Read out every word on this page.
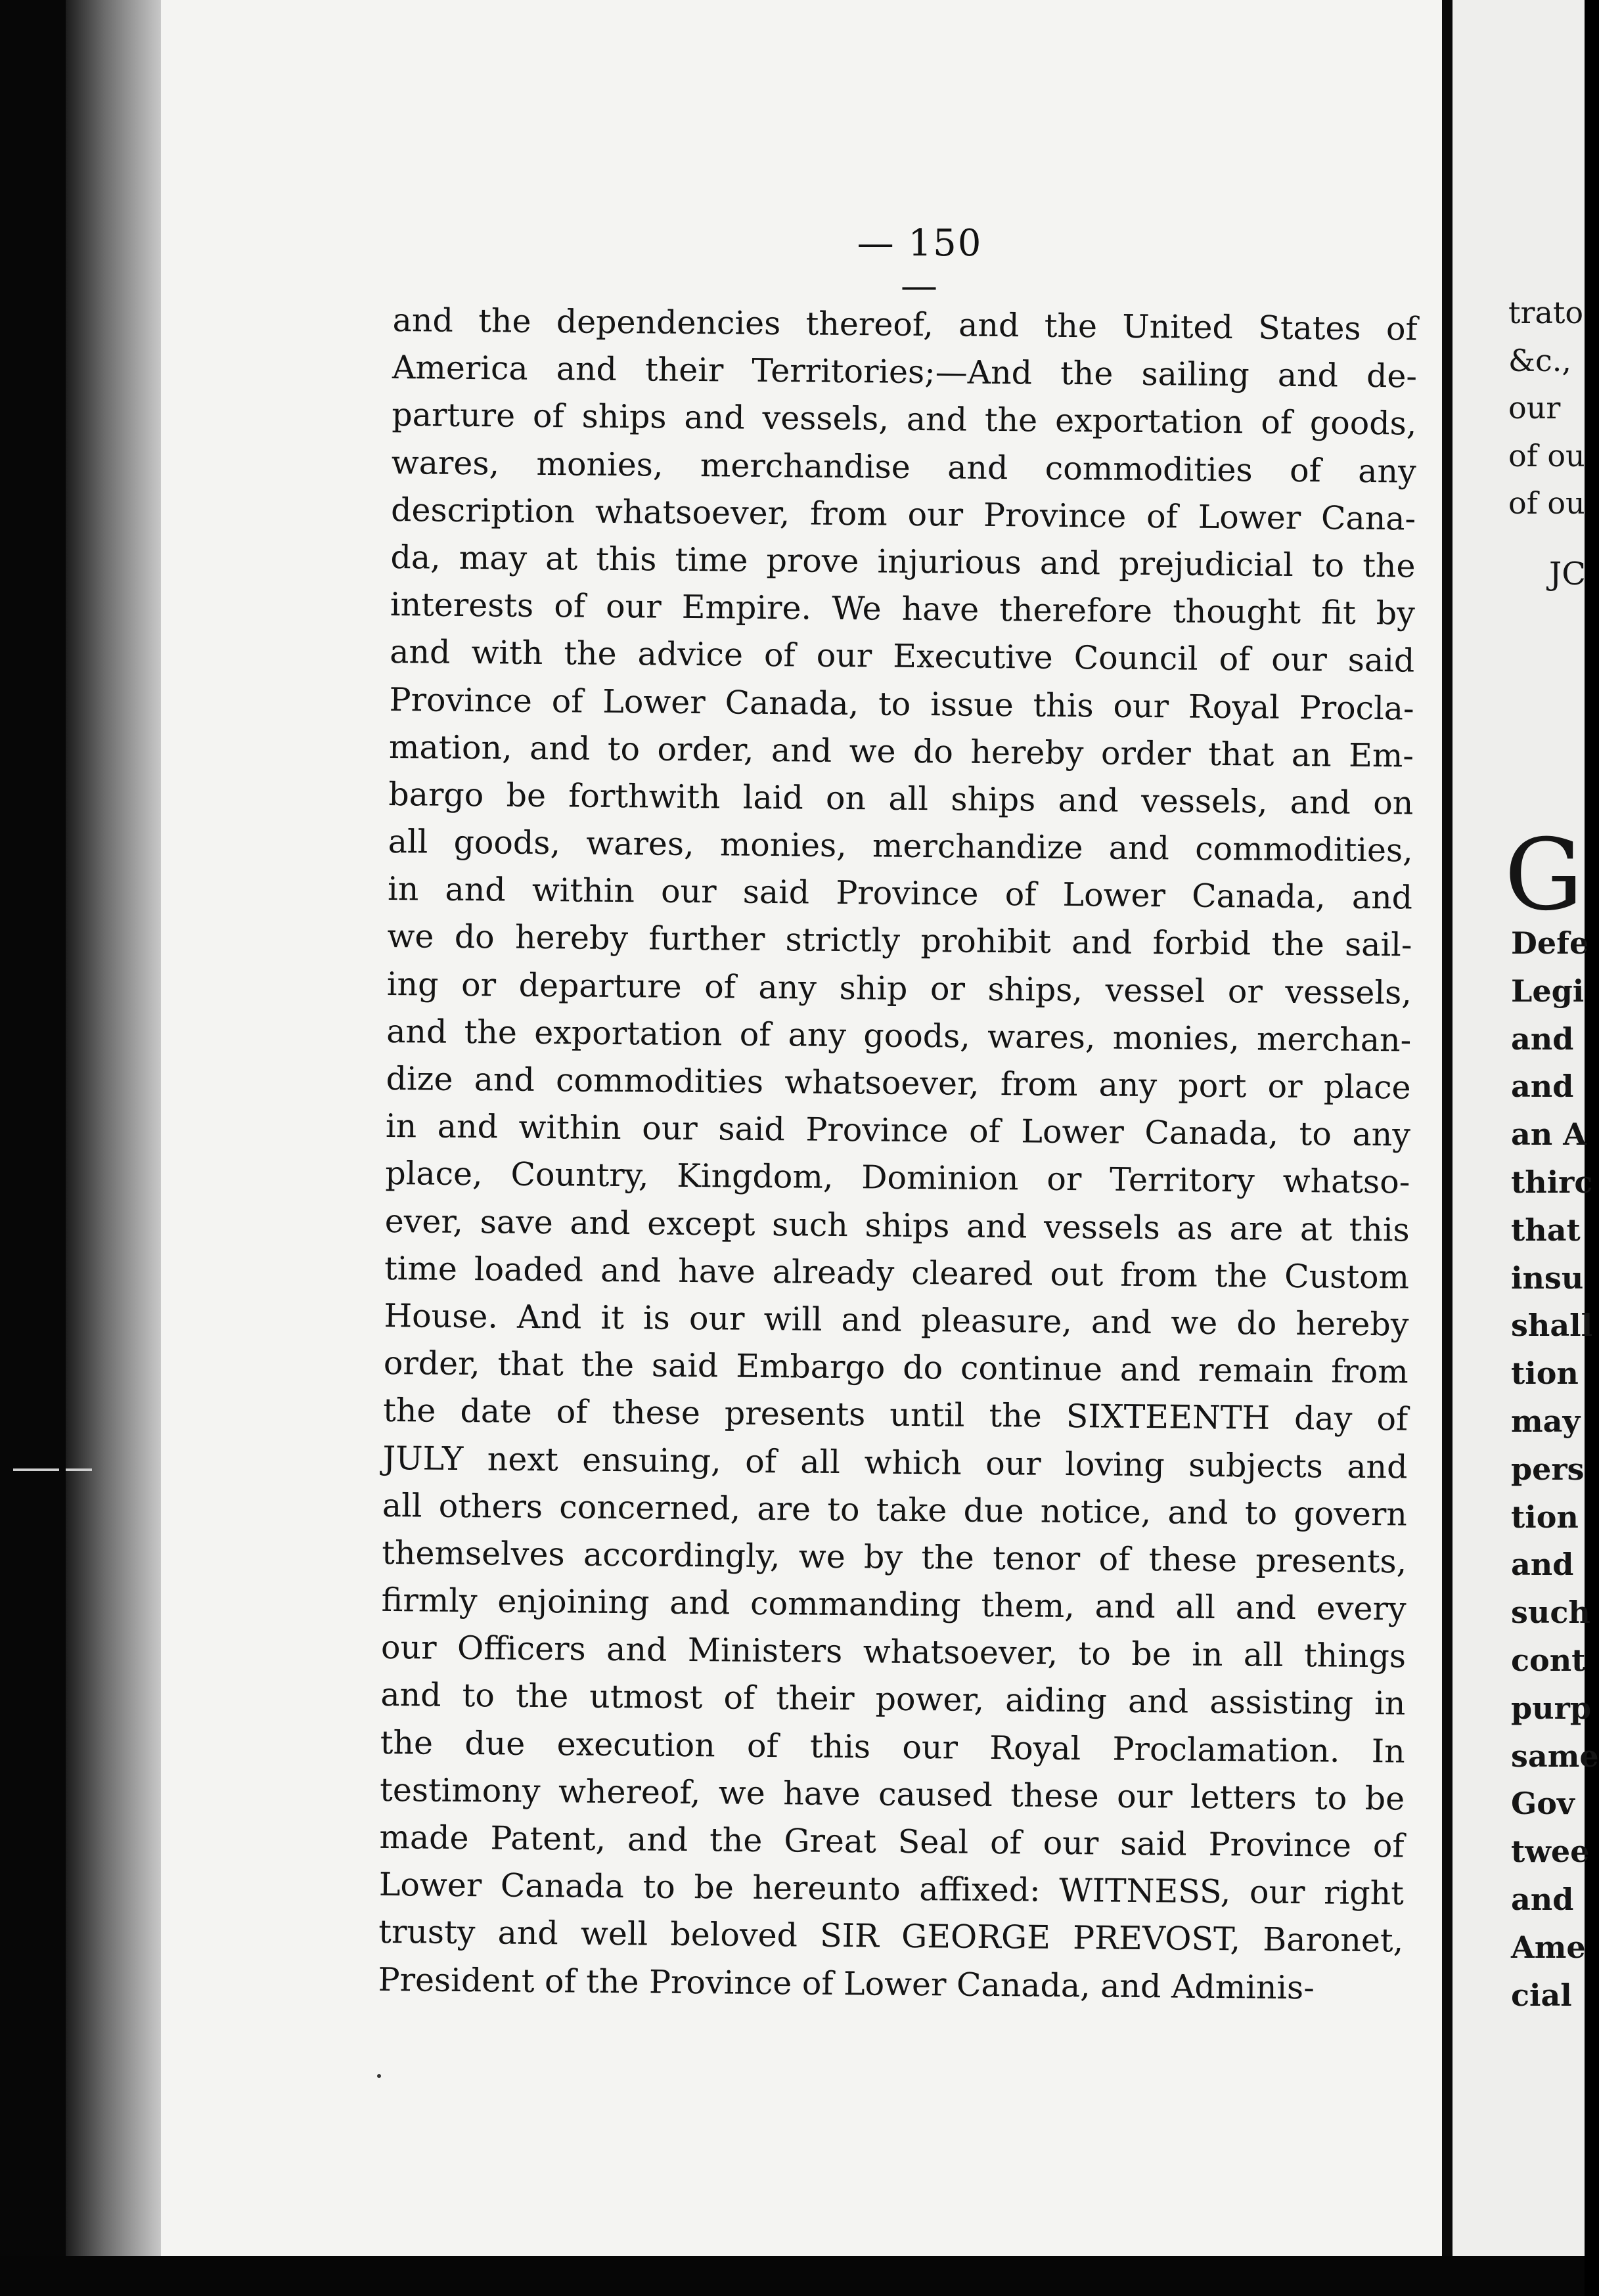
— 150 —
and the dependencies thereof, and the United States of
America and their Territories;—And the sailing and de-
parture of ships and vessels, and the exportation of goods,
wares, monies, merchandise and commodities of any
description whatsoever, from our Province of Lower Cana-
da, may at this time prove injurious and prejudicial to the
interests of our Empire. We have therefore thought fit by
and with the advice of our Executive Council of our said
Province of Lower Canada, to issue this our Royal Procla-
mation, and to order, and we do hereby order that an Em-
bargo be forthwith laid on all ships and vessels, and on
all goods, wares, monies, merchandize and commodities,
in and within our said Province of Lower Canada, and
we do hereby further strictly prohibit and forbid the sail-
ing or departure of any ship or ships, vessel or vessels,
and the exportation of any goods, wares, monies, merchan-
dize and commodities whatsoever, from any port or place
in and within our said Province of Lower Canada, to any
place, Country, Kingdom, Dominion or Territory whatso-
ever, save and except such ships and vessels as are at this
time loaded and have already cleared out from the Custom
House. And it is our will and pleasure, and we do hereby
order, that the said Embargo do continue and remain from
the date of these presents until the SIXTEENTH day of
JULY next ensuing, of all which our loving subjects and
all others concerned, are to take due notice, and to govern
themselves accordingly, we by the tenor of these presents,
firmly enjoining and commanding them, and all and every
our Officers and Ministers whatsoever, to be in all things
and to the utmost of their power, aiding and assisting in
the due execution of this our Royal Proclamation. In
testimony whereof, we have caused these our letters to be
made Patent, and the Great Seal of our said Province of
Lower Canada to be hereunto affixed: WITNESS, our right
trusty and well beloved SIR GEORGE PREVOST, Baronet,
President of the Province of Lower Canada, and Adminis-
trato
&c.,
our
of ou
of ou
JC
G
Defe
Legi
and
and
an A
thirc
that
insu
shall
tion
may
pers
tion
and
such
cont
purp
same
Gov
twee
and
Ame
cial
